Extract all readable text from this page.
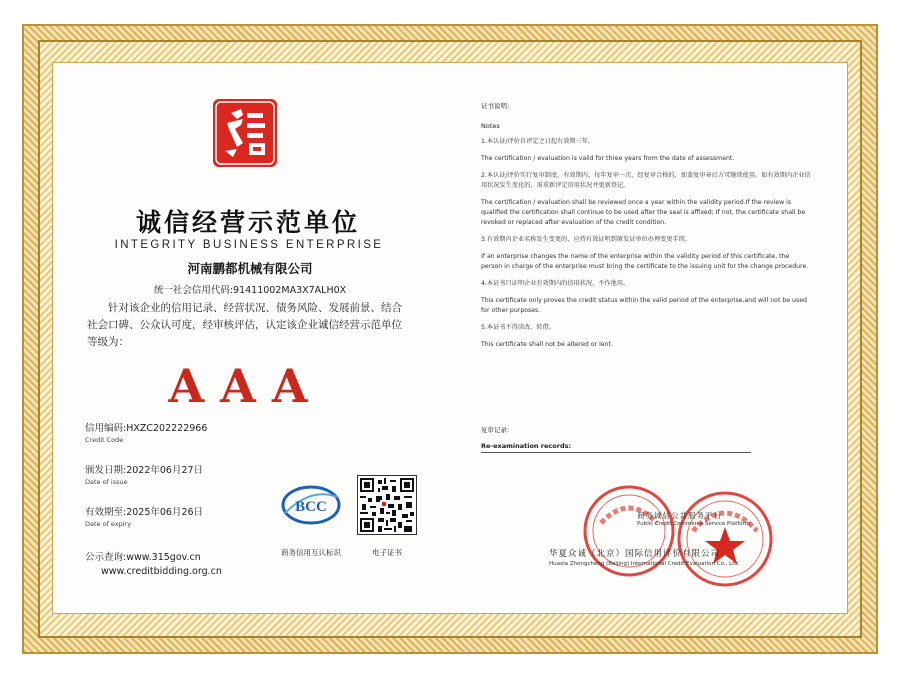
诚信经营示范单位
INTEGRITY BUSINESS ENTERPRISE
河南鹏都机械有限公司
统一社会信用代码:91411002MA3X7ALH0X
针对该企业的信用记录、经营状况、债务风险、发展前景、结合社会口碑、公众认可度，经审核评估，认定该企业诚信经营示范单位等级为：
AAA
信用编码:HXZC202222966
Credit Code
颁发日期:2022年06月27日
Date of issue
有效期至:2025年06月26日
Date of expiry
公示查询:www.315gov.cn
www.creditbidding.org.cn
BCC
商务信用互认标识	电子证书
证书说明:
Notes

1.本认证/评价自评定之日起有效期三年。

The certification / evaluation is valid for three years from the date of assessment.

2.本认证/评价实行复审制度，有效期内，每年复审一次，经复审合格的，加盖复审章后方可继续使用。如有效期内企业信用状况发生变化的，需重新评定信用状况并更新登记。

The certification / evaluation shall be reviewed once a year within the validity period.If the review is qualified the certification shall continue to be used after the seal is affixed; If not, the certificate shall be revoked or replaced after evaluation of the credit condition.

3.有效期内企业名称发生变更的，应持有效证明到原发证单位办理变更手续。

If an enterprise changes the name of the enterprise within the validity period of this certificate, the person in charge of the enterprise must bring the certificate to the issuing unit for the change procedure.

4.本证书只证明企业有效期内的信用状况，不作他用。

This certificate only proves the credit status within the valid period of the enterprise,and will not be used for other purposes.

5.本证书不得涂改、转借。

This certificate shall not be altered or lent.

复审记录:
Re-examination records:
商务诚信公共服务平台
Public Credit Commerce Service Platform
华夏众诚（北京）国际信用评价有限公司
Huaxia Zhongcheng (Beijing) International Credit Evaluation Co., Ltd.
